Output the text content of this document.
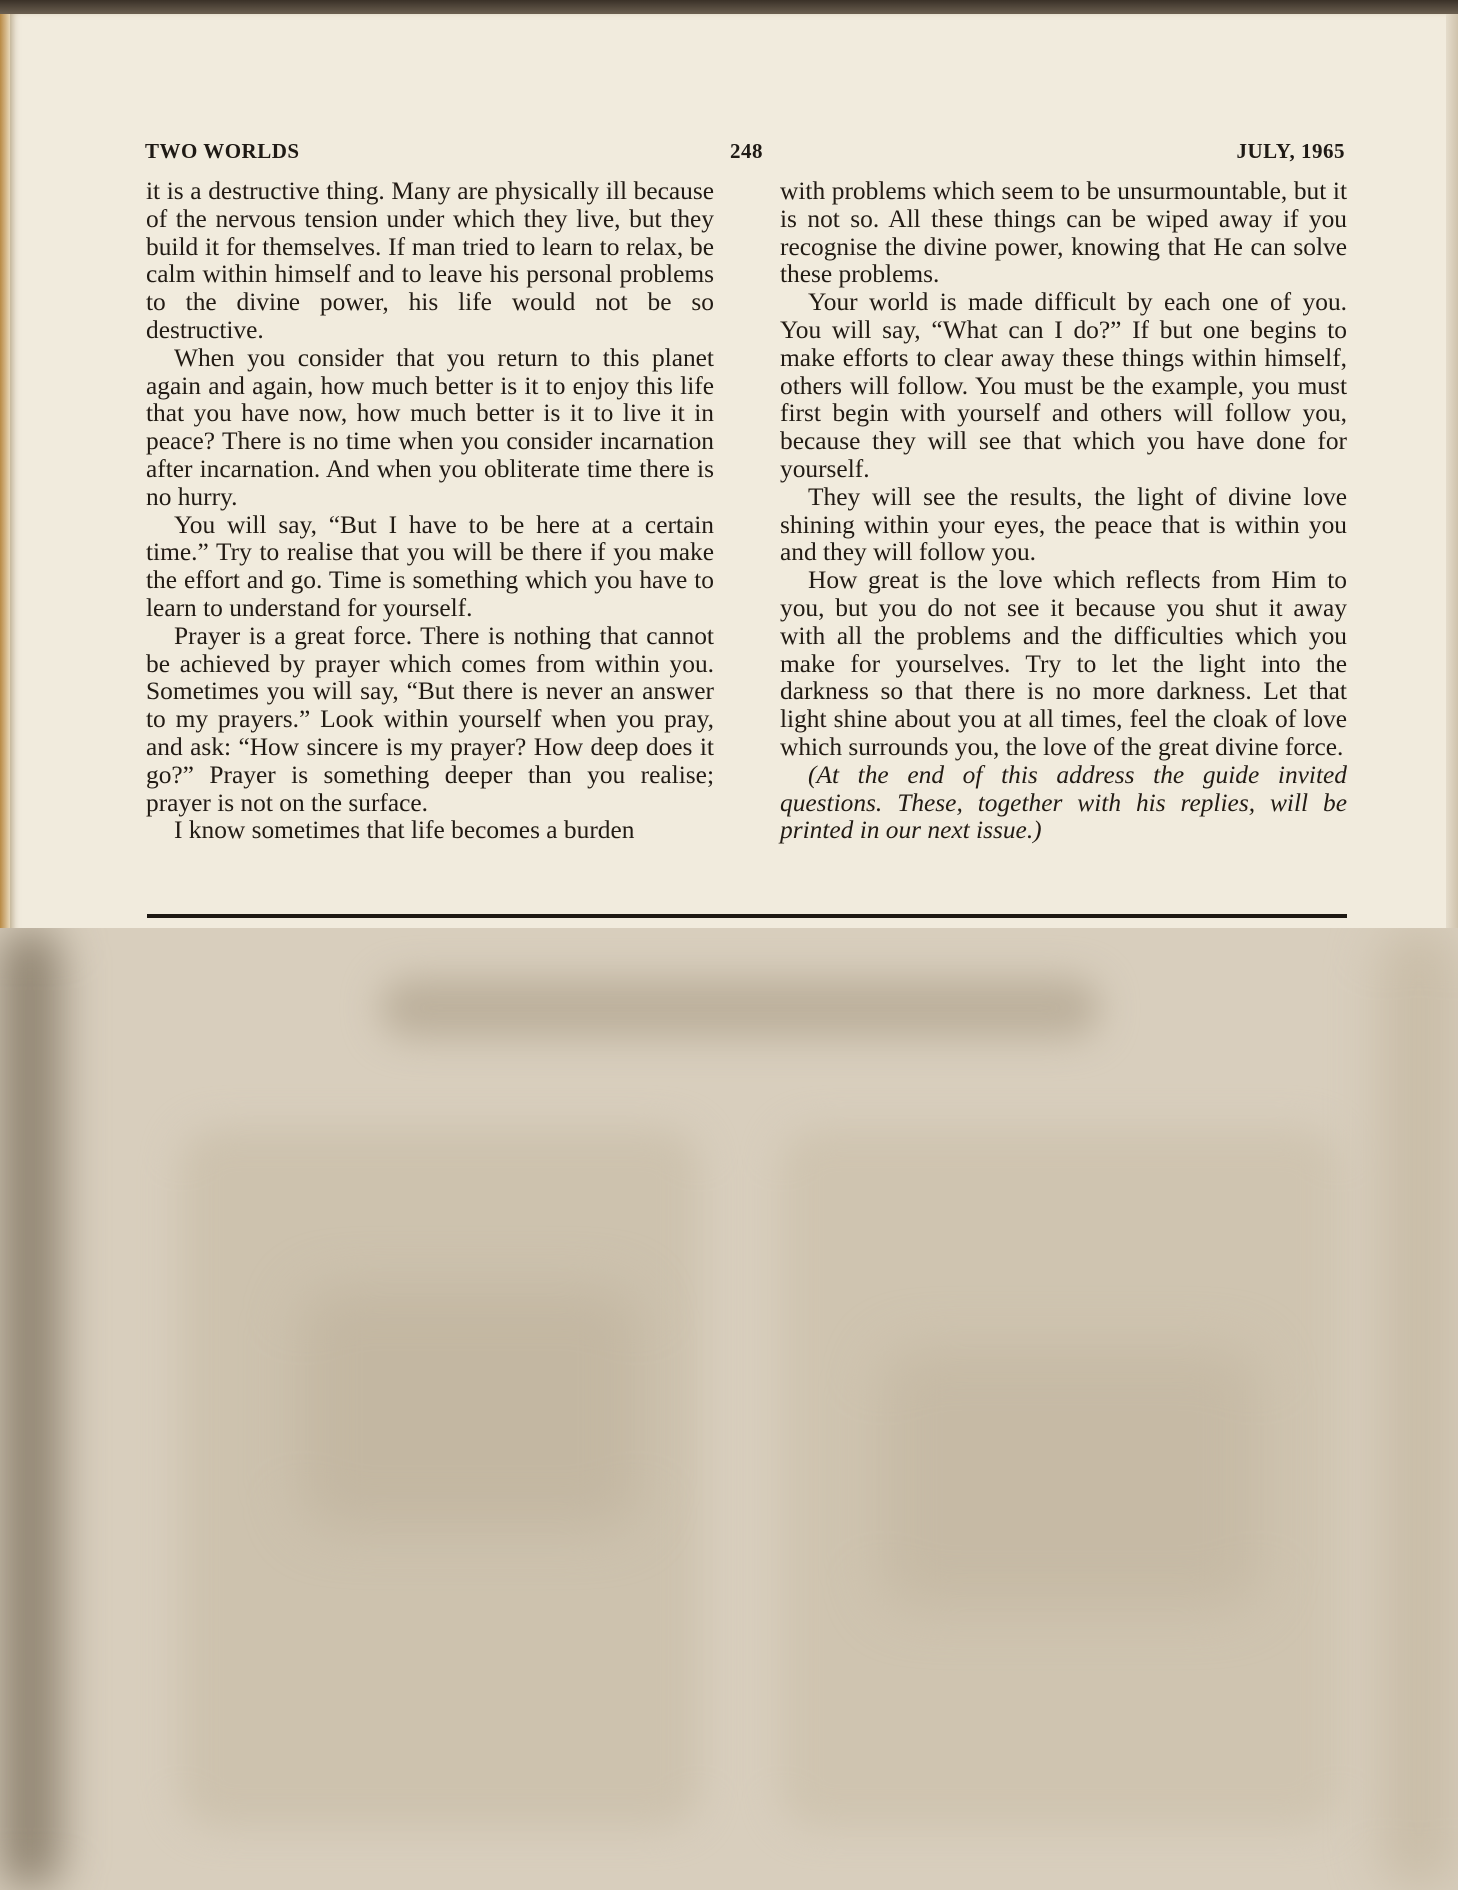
TWO WORLDS	248	JULY, 1965

it is a destructive thing. Many are physically ill because of the nervous tension under which they live, but they build it for themselves. If man tried to learn to relax, be calm within himself and to leave his personal problems to the divine power, his life would not be so destructive.

When you consider that you return to this planet again and again, how much better is it to enjoy this life that you have now, how much better is it to live it in peace? There is no time when you consider incarnation after incarnation. And when you obliterate time there is no hurry.

You will say, “But I have to be here at a certain time.” Try to realise that you will be there if you make the effort and go. Time is something which you have to learn to understand for yourself.

Prayer is a great force. There is nothing that cannot be achieved by prayer which comes from within you. Sometimes you will say, “But there is never an answer to my prayers.” Look within yourself when you pray, and ask: “How sincere is my prayer? How deep does it go?” Prayer is something deeper than you realise; prayer is not on the surface.

I know sometimes that life becomes a burden

with problems which seem to be unsurmountable, but it is not so. All these things can be wiped away if you recognise the divine power, knowing that He can solve these problems.

Your world is made difficult by each one of you. You will say, “What can I do?” If but one begins to make efforts to clear away these things within himself, others will follow. You must be the example, you must first begin with yourself and others will follow you, because they will see that which you have done for yourself.

They will see the results, the light of divine love shining within your eyes, the peace that is within you and they will follow you.

How great is the love which reflects from Him to you, but you do not see it because you shut it away with all the problems and the difficulties which you make for yourselves. Try to let the light into the darkness so that there is no more darkness. Let that light shine about you at all times, feel the cloak of love which surrounds you, the love of the great divine force.

(At the end of this address the guide invited questions. These, together with his replies, will be printed in our next issue.)
